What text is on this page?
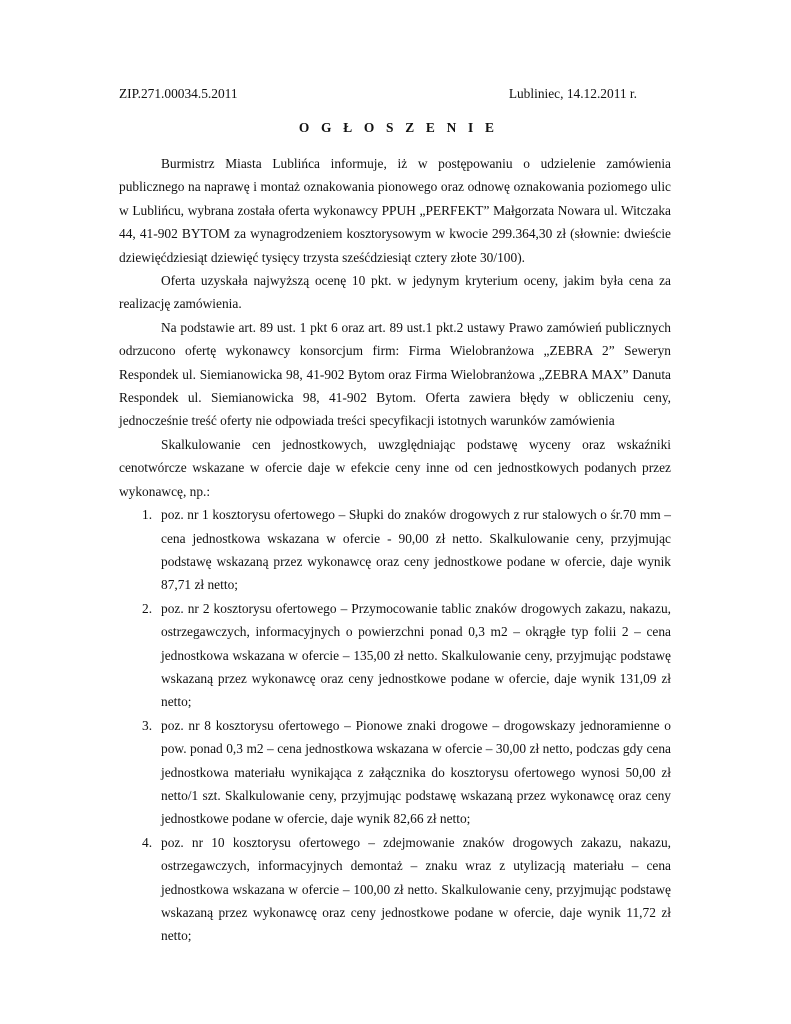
ZIP.271.00034.5.2011	Lubliniec, 14.12.2011 r.
O G Ł O S Z E N I E

Burmistrz Miasta Lublińca informuje, iż w postępowaniu o udzielenie zamówienia publicznego na naprawę i montaż oznakowania pionowego oraz odnowę oznakowania poziomego ulic w Lublińcu, wybrana została oferta wykonawcy PPUH „PERFEKT” Małgorzata Nowara ul. Witczaka 44, 41-902 BYTOM za wynagrodzeniem kosztorysowym w kwocie 299.364,30 zł (słownie: dwieście dziewięćdziesiąt dziewięć tysięcy trzysta sześćdziesiąt cztery złote 30/100).

Oferta uzyskała najwyższą ocenę 10 pkt. w jedynym kryterium oceny, jakim była cena za realizację zamówienia.

Na podstawie art. 89 ust. 1 pkt 6 oraz art. 89 ust.1 pkt.2 ustawy Prawo zamówień publicznych odrzucono ofertę wykonawcy konsorcjum firm: Firma Wielobranżowa „ZEBRA 2” Seweryn Respondek ul. Siemianowicka 98, 41-902 Bytom oraz Firma Wielobranżowa „ZEBRA MAX” Danuta Respondek ul. Siemianowicka 98, 41-902 Bytom. Oferta zawiera błędy w obliczeniu ceny, jednocześnie treść oferty nie odpowiada treści specyfikacji istotnych warunków zamówienia

Skalkulowanie cen jednostkowych, uwzględniając podstawę wyceny oraz wskaźniki cenotwórcze wskazane w ofercie daje w efekcie ceny inne od cen jednostkowych podanych przez wykonawcę, np.:

1. poz. nr 1 kosztorysu ofertowego – Słupki do znaków drogowych z rur stalowych o śr.70 mm – cena jednostkowa wskazana w ofercie - 90,00 zł netto. Skalkulowanie ceny, przyjmując podstawę wskazaną przez wykonawcę oraz ceny jednostkowe podane w ofercie, daje wynik 87,71 zł netto;
2. poz. nr 2 kosztorysu ofertowego – Przymocowanie tablic znaków drogowych zakazu, nakazu, ostrzegawczych, informacyjnych o powierzchni ponad 0,3 m2 – okrągłe typ folii 2 – cena jednostkowa wskazana w ofercie – 135,00 zł netto. Skalkulowanie ceny, przyjmując podstawę wskazaną przez wykonawcę oraz ceny jednostkowe podane w ofercie, daje wynik 131,09 zł netto;
3. poz. nr 8 kosztorysu ofertowego – Pionowe znaki drogowe – drogowskazy jednoramienne o pow. ponad 0,3 m2 – cena jednostkowa wskazana w ofercie – 30,00 zł netto, podczas gdy cena jednostkowa materiału wynikająca z załącznika do kosztorysu ofertowego wynosi 50,00 zł netto/1 szt. Skalkulowanie ceny, przyjmując podstawę wskazaną przez wykonawcę oraz ceny jednostkowe podane w ofercie, daje wynik 82,66 zł netto;
4. poz. nr 10 kosztorysu ofertowego – zdejmowanie znaków drogowych zakazu, nakazu, ostrzegawczych, informacyjnych demontaż – znaku wraz z utylizacją materiału – cena jednostkowa wskazana w ofercie – 100,00 zł netto. Skalkulowanie ceny, przyjmując podstawę wskazaną przez wykonawcę oraz ceny jednostkowe podane w ofercie, daje wynik 11,72 zł netto;
